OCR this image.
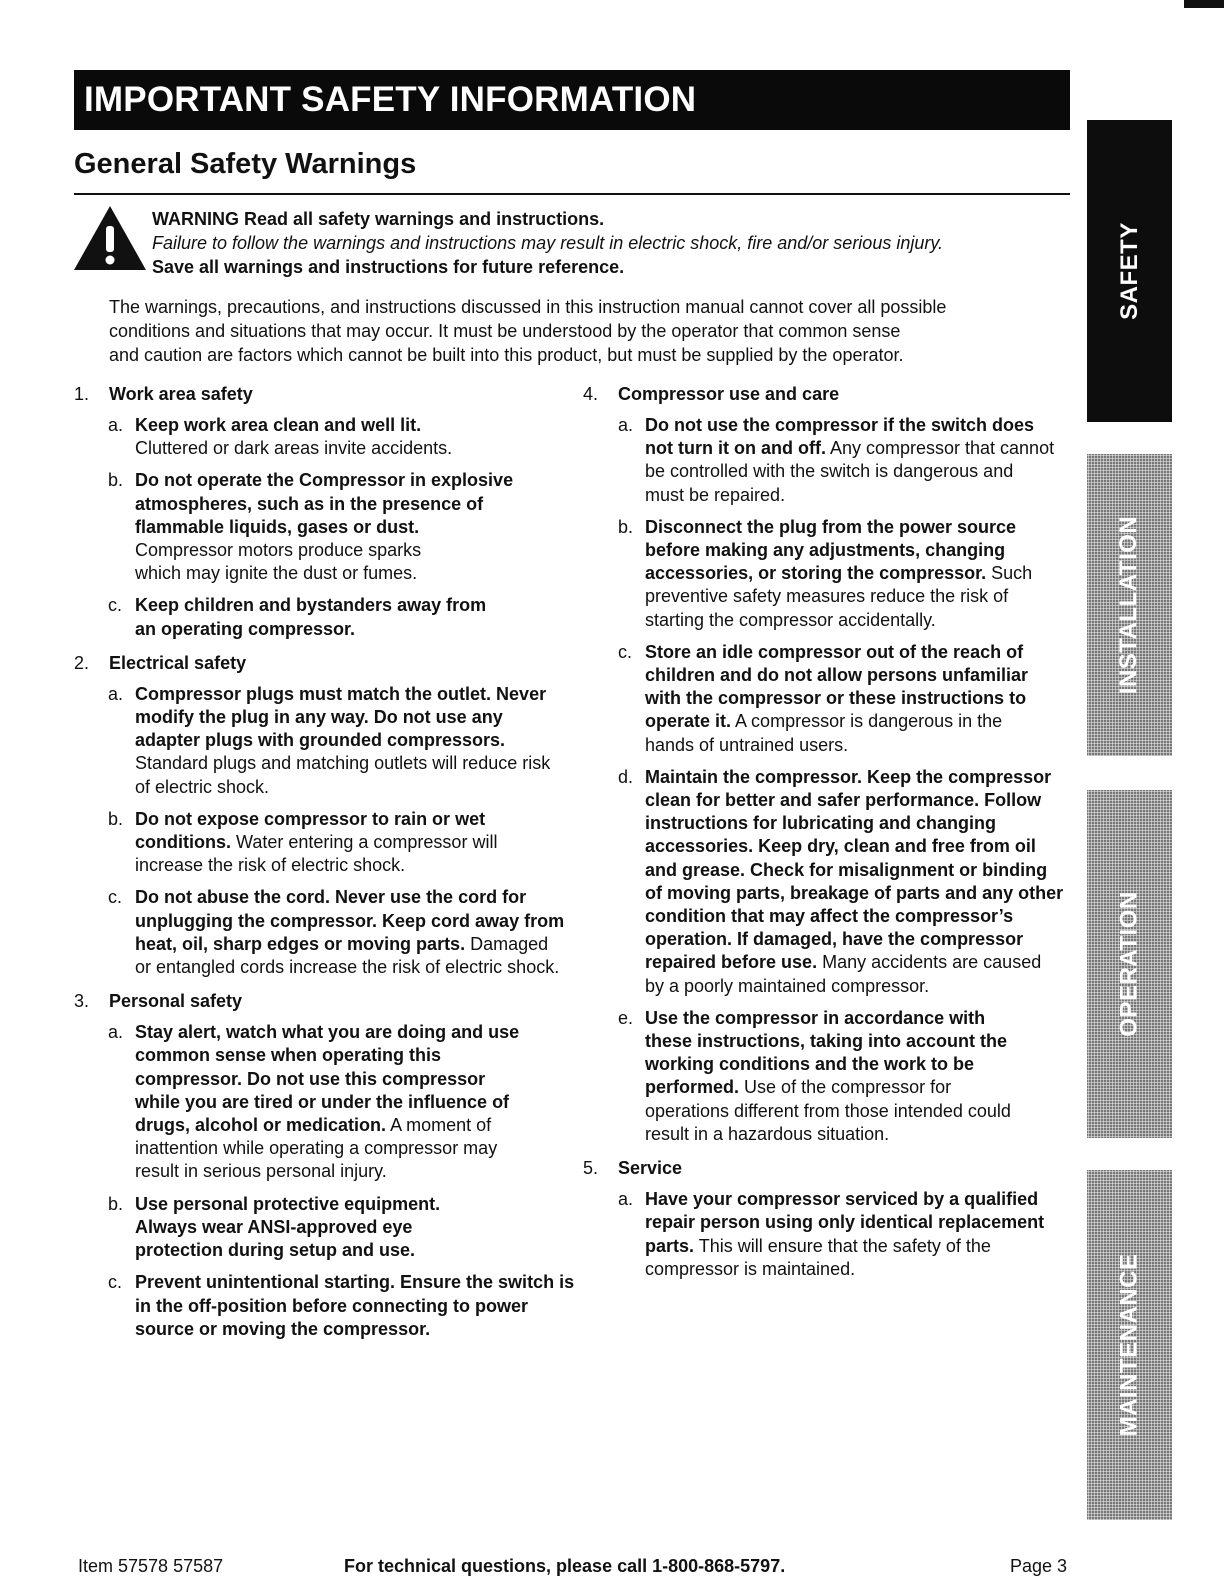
IMPORTANT SAFETY INFORMATION
General Safety Warnings
WARNING Read all safety warnings and instructions.
Failure to follow the warnings and instructions may result in electric shock, fire and/or serious injury.
Save all warnings and instructions for future reference.
The warnings, precautions, and instructions discussed in this instruction manual cannot cover all possible
conditions and situations that may occur. It must be understood by the operator that common sense
and caution are factors which cannot be built into this product, but must be supplied by the operator.
1.	Work area safety
a. Keep work area clean and well lit.
Cluttered or dark areas invite accidents.
b. Do not operate the Compressor in explosive atmospheres, such as in the presence of flammable liquids, gases or dust.
Compressor motors produce sparks which may ignite the dust or fumes.
c. Keep children and bystanders away from an operating compressor.
2.	Electrical safety
a. Compressor plugs must match the outlet. Never modify the plug in any way. Do not use any adapter plugs with grounded compressors. Standard plugs and matching outlets will reduce risk of electric shock.
b. Do not expose compressor to rain or wet conditions. Water entering a compressor will increase the risk of electric shock.
c. Do not abuse the cord. Never use the cord for unplugging the compressor. Keep cord away from heat, oil, sharp edges or moving parts. Damaged or entangled cords increase the risk of electric shock.
3.	Personal safety
a. Stay alert, watch what you are doing and use common sense when operating this compressor. Do not use this compressor while you are tired or under the influence of drugs, alcohol or medication. A moment of inattention while operating a compressor may result in serious personal injury.
b. Use personal protective equipment. Always wear ANSI-approved eye protection during setup and use.
c. Prevent unintentional starting. Ensure the switch is in the off-position before connecting to power source or moving the compressor.
4.	Compressor use and care
a. Do not use the compressor if the switch does not turn it on and off. Any compressor that cannot be controlled with the switch is dangerous and must be repaired.
b. Disconnect the plug from the power source before making any adjustments, changing accessories, or storing the compressor. Such preventive safety measures reduce the risk of starting the compressor accidentally.
c. Store an idle compressor out of the reach of children and do not allow persons unfamiliar with the compressor or these instructions to operate it. A compressor is dangerous in the hands of untrained users.
d. Maintain the compressor. Keep the compressor clean for better and safer performance. Follow instructions for lubricating and changing accessories. Keep dry, clean and free from oil and grease. Check for misalignment or binding of moving parts, breakage of parts and any other condition that may affect the compressor’s operation. If damaged, have the compressor repaired before use. Many accidents are caused by a poorly maintained compressor.
e. Use the compressor in accordance with these instructions, taking into account the working conditions and the work to be performed. Use of the compressor for operations different from those intended could result in a hazardous situation.
5.	Service
a. Have your compressor serviced by a qualified repair person using only identical replacement parts. This will ensure that the safety of the compressor is maintained.
SAFETY
INSTALLATION
OPERATION
MAINTENANCE
Item 57578 57587	For technical questions, please call 1-800-868-5797.	Page 3
